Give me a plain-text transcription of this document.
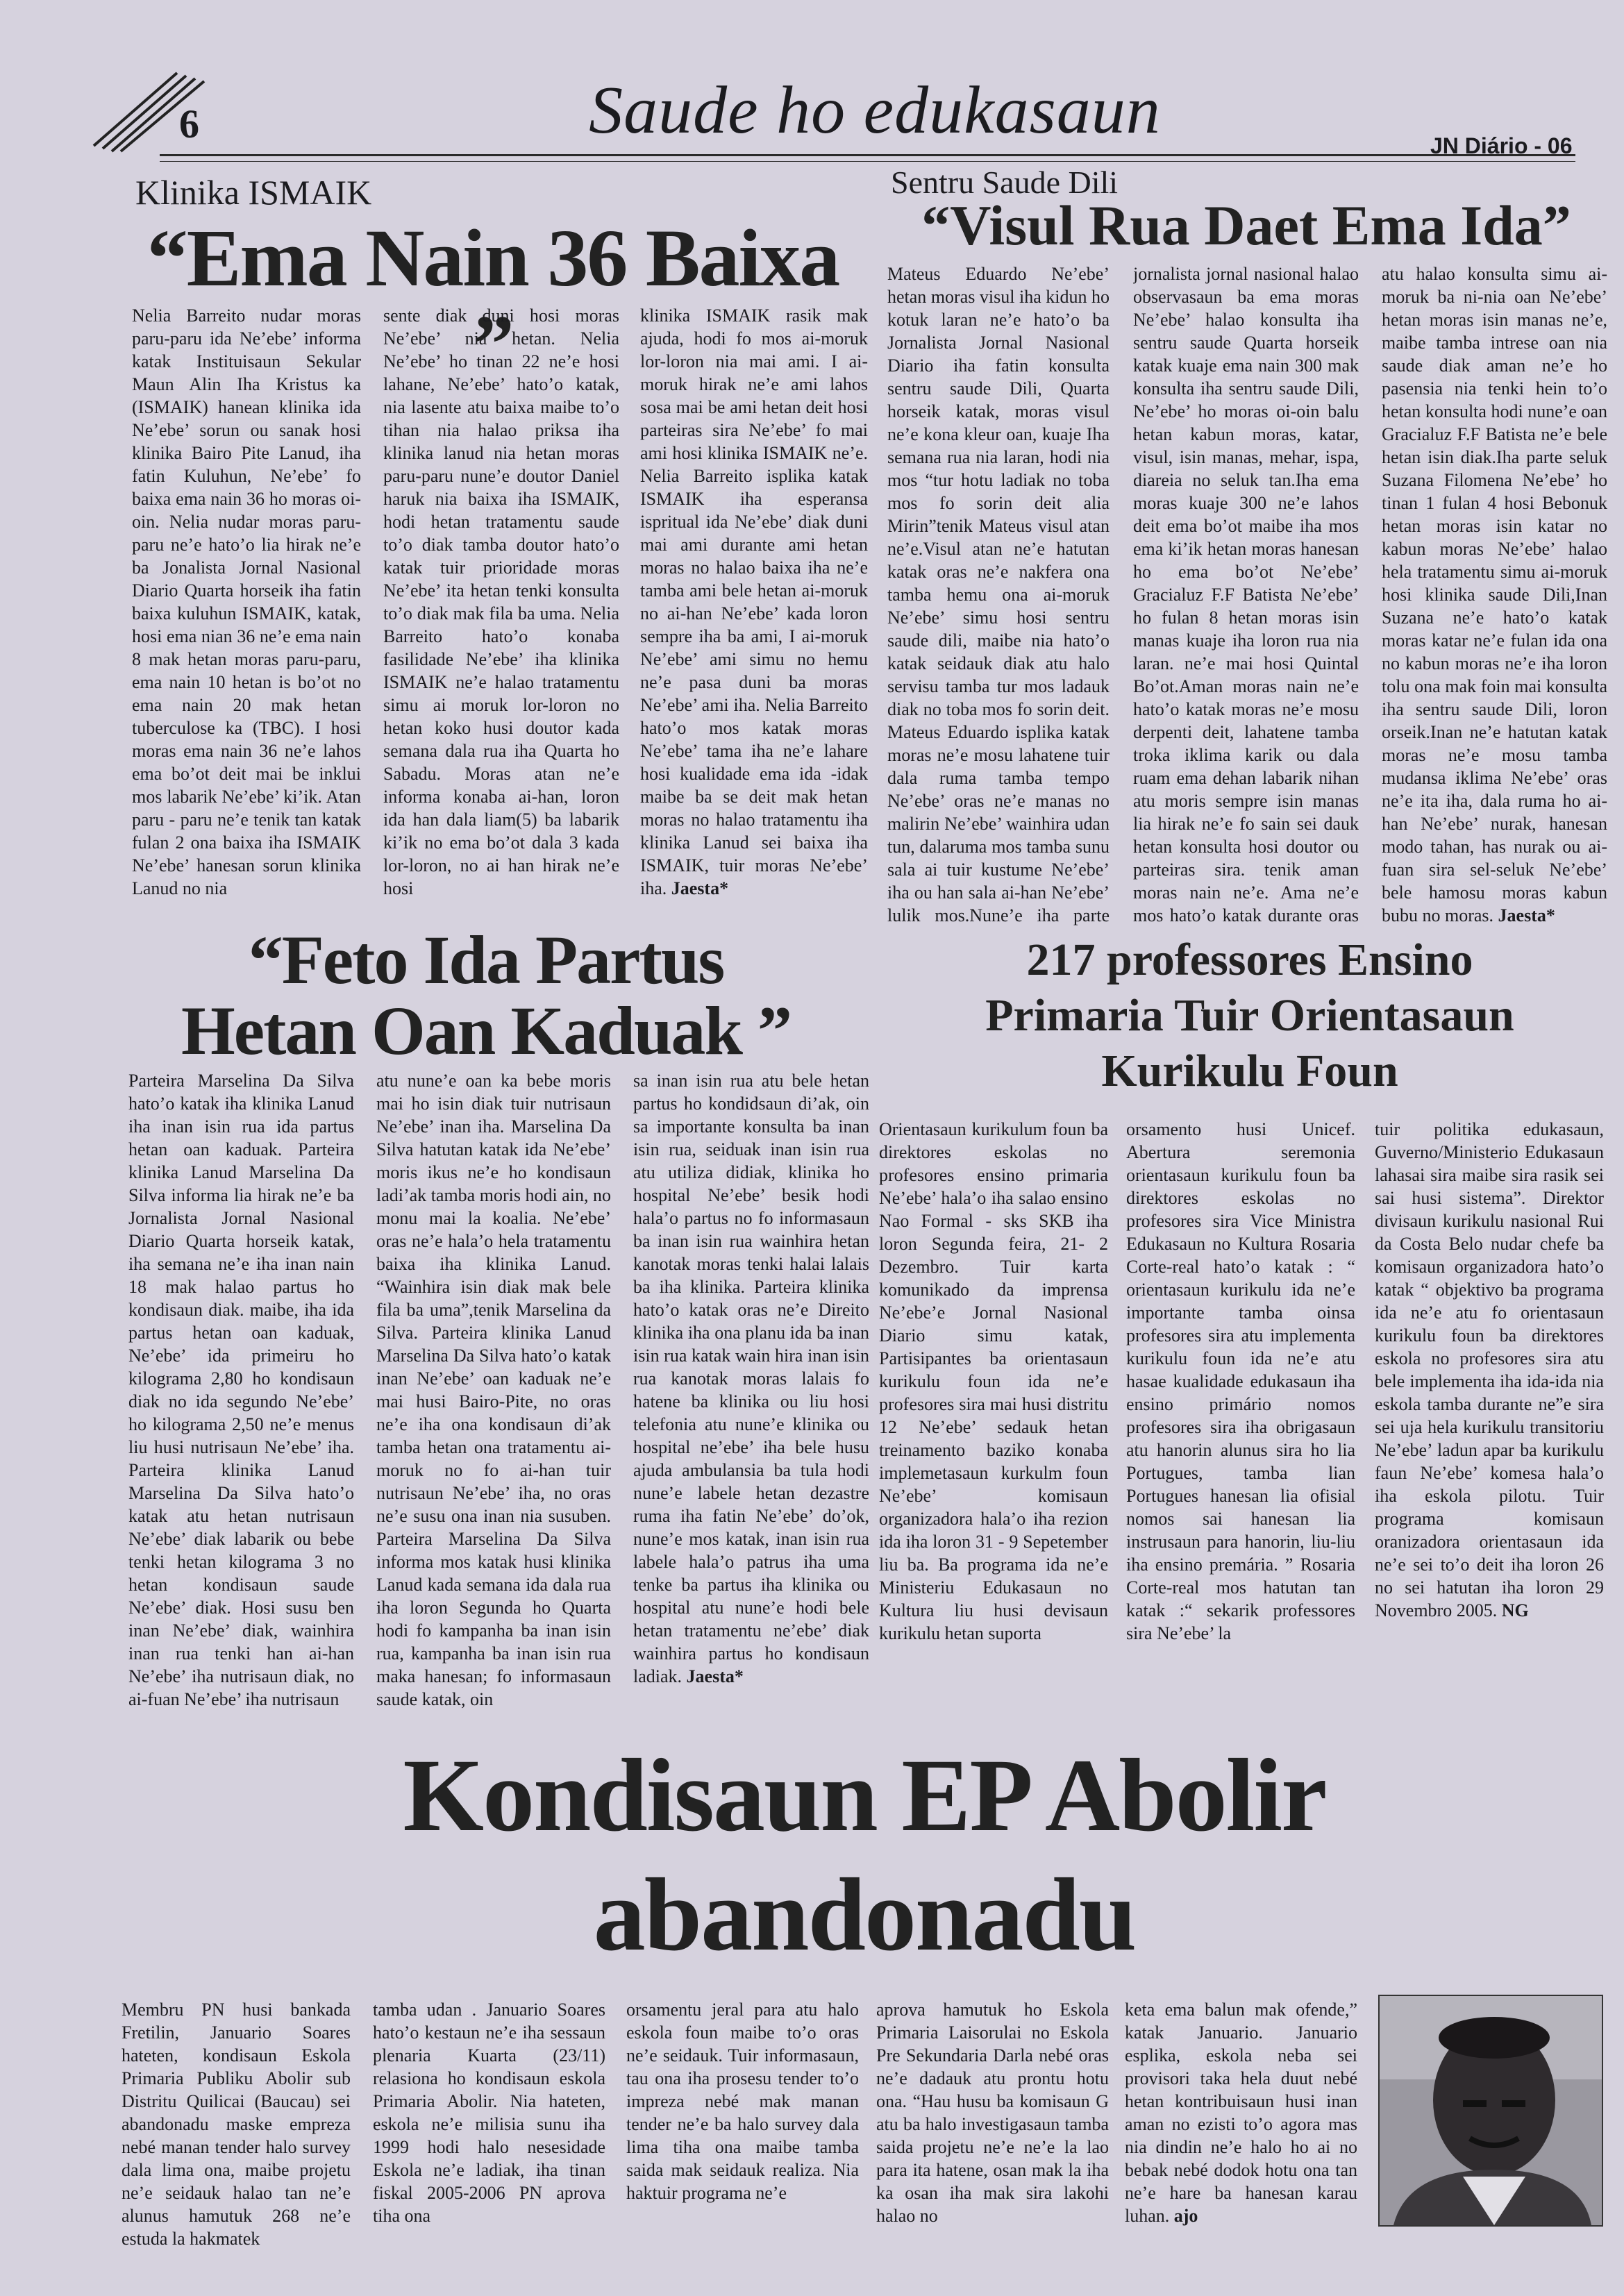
6	Saude ho edukasaun	JN Diário - 06
Klinika ISMAIK
“Ema Nain 36 Baixa ”

Nelia Barreito nudar moras paru-paru ida Ne’ebe’ informa katak Instituisaun Sekular Maun Alin Iha Kristus ka (ISMAIK) hanean klinika ida Ne’ebe’ sorun ou sanak hosi klinika Bairo Pite Lanud, iha fatin Kuluhun, Ne’ebe’ fo baixa ema nain 36 ho moras oi-oin. Nelia nudar moras paru- paru ne’e hato’o lia hirak ne’e ba Jonalista Jornal Nasional Diario Quarta horseik iha fatin baixa kuluhun ISMAIK, katak, hosi ema nian 36 ne’e ema nain 8 mak hetan moras paru-paru, ema nain 10 hetan is bo’ot no ema nain 20 mak hetan tuberculose ka (TBC). I hosi moras ema nain 36 ne’e lahos ema bo’ot deit mai be inklui mos labarik Ne’ebe’ ki’ik. Atan paru - paru ne’e tenik tan katak fulan 2 ona baixa iha ISMAIK Ne’ebe’ hanesan sorun klinika Lanud no nia

sente diak duni hosi moras Ne’ebe’ nia hetan. Nelia Ne’ebe’ ho tinan 22 ne’e hosi lahane, Ne’ebe’ hato’o katak, nia lasente atu baixa maibe to’o tihan nia halao priksa iha klinika lanud nia hetan moras paru-paru nune’e doutor Daniel haruk nia baixa iha ISMAIK, hodi hetan tratamentu saude to’o diak tamba doutor hato’o katak tuir prioridade moras Ne’ebe’ ita hetan tenki konsulta to’o diak mak fila ba uma. Nelia Barreito hato’o konaba fasilidade Ne’ebe’ iha klinika ISMAIK ne’e halao tratamentu simu ai moruk lor-loron no hetan koko husi doutor kada semana dala rua iha Quarta ho Sabadu. Moras atan ne’e informa konaba ai-han, loron ida han dala liam(5) ba labarik ki’ik no ema bo’ot dala 3 kada lor-loron, no ai han hirak ne’e hosi

klinika ISMAIK rasik mak ajuda, hodi fo mos ai-moruk lor-loron nia mai ami. I ai-moruk hirak ne’e ami lahos sosa mai be ami hetan deit hosi parteiras sira Ne’ebe’ fo mai ami hosi klinika ISMAIK ne’e. Nelia Barreito isplika katak ISMAIK iha esperansa ispritual ida Ne’ebe’ diak duni mai ami durante ami hetan moras no halao baixa iha ne’e tamba ami bele hetan ai-moruk no ai-han Ne’ebe’ kada loron sempre iha ba ami, I ai-moruk Ne’ebe’ ami simu no hemu ne’e pasa duni ba moras Ne’ebe’ ami iha. Nelia Barreito hato’o mos katak moras Ne’ebe’ tama iha ne’e lahare hosi kualidade ema ida -idak maibe ba se deit mak hetan moras no halao tratamentu iha klinika Lanud sei baixa iha ISMAIK, tuir moras Ne’ebe’ iha. Jaesta*

Sentru Saude Dili
“Visul Rua Daet Ema Ida”

Mateus Eduardo Ne’ebe’ hetan moras visul iha kidun ho kotuk laran ne’e hato’o ba Jornalista Jornal Nasional Diario iha fatin konsulta sentru saude Dili, Quarta horseik katak, moras visul ne’e kona kleur oan, kuaje Iha semana rua nia laran, hodi nia mos “tur hotu ladiak no toba mos fo sorin deit alia Mirin”tenik Mateus visul atan ne’e.Visul atan ne’e hatutan katak oras ne’e nakfera ona tamba hemu ona ai-moruk Ne’ebe’ simu hosi sentru saude dili, maibe nia hato’o katak seidauk diak atu halo servisu tamba tur mos ladauk diak no toba mos fo sorin deit. Mateus Eduardo isplika katak moras ne’e mosu lahatene tuir dala ruma tamba tempo Ne’ebe’ oras ne’e manas no malirin Ne’ebe’ wainhira udan tun, dalaruma mos tamba sunu sala ai tuir kustume Ne’ebe’ iha ou han sala ai-han Ne’ebe’ lulik mos.Nune’e iha parte

jornalista jornal nasional halao observasaun ba ema moras Ne’ebe’ halao konsulta iha sentru saude Quarta horseik katak kuaje ema nain 300 mak konsulta iha sentru saude Dili, Ne’ebe’ ho moras oi-oin balu hetan kabun moras, katar, visul, isin manas, mehar, ispa, diareia no seluk tan.Iha ema moras kuaje 300 ne’e lahos deit ema bo’ot maibe iha mos ema ki’ik hetan moras hanesan ho ema bo’ot Ne’ebe’ Gracialuz F.F Batista Ne’ebe’ ho fulan 8 hetan moras isin manas kuaje iha loron rua nia laran. ne’e mai hosi Quintal Bo’ot.Aman moras nain ne’e hato’o katak moras ne’e mosu derpenti deit, lahatene tamba troka iklima karik ou dala ruam ema dehan labarik nihan atu moris sempre isin manas lia hirak ne’e fo sain sei dauk hetan konsulta hosi doutor ou parteiras sira. tenik aman moras nain ne’e. Ama ne’e mos hato’o katak durante oras

atu halao konsulta simu ai-moruk ba ni-nia oan Ne’ebe’ hetan moras isin manas ne’e, maibe tamba intrese oan nia saude diak aman ne’e ho pasensia nia tenki hein to’o hetan konsulta hodi nune’e oan Gracialuz F.F Batista ne’e bele hetan isin diak.Iha parte seluk Suzana Filomena Ne’ebe’ ho tinan 1 fulan 4 hosi Bebonuk hetan moras isin katar no kabun moras Ne’ebe’ halao hela tratamentu simu ai-moruk hosi klinika saude Dili,Inan Suzana ne’e hato’o katak moras katar ne’e fulan ida ona no kabun moras ne’e iha loron tolu ona mak foin mai konsulta iha sentru saude Dili, loron orseik.Inan ne’e hatutan katak moras ne’e mosu tamba mudansa iklima Ne’ebe’ oras ne’e ita iha, dala ruma ho ai-han Ne’ebe’ nurak, hanesan modo tahan, has nurak ou ai-fuan sira sel-seluk Ne’ebe’ bele hamosu moras kabun bubu no moras. Jaesta*

“Feto Ida Partus
Hetan Oan Kaduak ”

Parteira Marselina Da Silva hato’o katak iha klinika Lanud iha inan isin rua ida partus hetan oan kaduak. Parteira klinika Lanud Marselina Da Silva informa lia hirak ne’e ba Jornalista Jornal Nasional Diario Quarta horseik katak, iha semana ne’e iha inan nain 18 mak halao partus ho kondisaun diak. maibe, iha ida partus hetan oan kaduak, Ne’ebe’ ida primeiru ho kilograma 2,80 ho kondisaun diak no ida segundo Ne’ebe’ ho kilograma 2,50 ne’e menus liu husi nutrisaun Ne’ebe’ iha. Parteira klinika Lanud Marselina Da Silva hato’o katak atu hetan nutrisaun Ne’ebe’ diak labarik ou bebe tenki hetan kilograma 3 no hetan kondisaun saude Ne’ebe’ diak. Hosi susu ben inan Ne’ebe’ diak, wainhira inan rua tenki han ai-han Ne’ebe’ iha nutrisaun diak, no ai-fuan Ne’ebe’ iha nutrisaun

atu nune’e oan ka bebe moris mai ho isin diak tuir nutrisaun Ne’ebe’ inan iha. Marselina Da Silva hatutan katak ida Ne’ebe’ moris ikus ne’e ho kondisaun ladi’ak tamba moris hodi ain, no monu mai la koalia. Ne’ebe’ oras ne’e hala’o hela tratamentu baixa iha klinika Lanud. “Wainhira isin diak mak bele fila ba uma”,tenik Marselina da Silva. Parteira klinika Lanud Marselina Da Silva hato’o katak inan Ne’ebe’ oan kaduak ne’e mai husi Bairo-Pite, no oras ne’e iha ona kondisaun di’ak tamba hetan ona tratamentu ai-moruk no fo ai-han tuir nutrisaun Ne’ebe’ iha, no oras ne’e susu ona inan nia susuben. Parteira Marselina Da Silva informa mos katak husi klinika Lanud kada semana ida dala rua iha loron Segunda ho Quarta hodi fo kampanha ba inan isin rua, kampanha ba inan isin rua maka hanesan; fo informasaun saude katak, oin

sa inan isin rua atu bele hetan partus ho kondidsaun di’ak, oin sa importante konsulta ba inan isin rua, seiduak inan isin rua atu utiliza didiak, klinika ho hospital Ne’ebe’ besik hodi hala’o partus no fo informasaun ba inan isin rua wainhira hetan kanotak moras tenki halai lalais ba iha klinika. Parteira klinika hato’o katak oras ne’e Direito klinika iha ona planu ida ba inan isin rua katak wain hira inan isin rua kanotak moras lalais fo hatene ba klinika ou liu hosi telefonia atu nune’e klinika ou hospital ne’ebe’ iha bele husu ajuda ambulansia ba tula hodi nune’e labele hetan dezastre ruma iha fatin Ne’ebe’ do’ok, nune’e mos katak, inan isin rua labele hala’o patrus iha uma tenke ba partus iha klinika ou hospital atu nune’e hodi bele hetan tratamentu ne’ebe’ diak wainhira partus ho kondisaun ladiak. Jaesta*

217 professores Ensino
Primaria Tuir Orientasaun
Kurikulu Foun

Orientasaun kurikulum foun ba direktores eskolas no profesores ensino primaria Ne’ebe’ hala’o iha salao ensino Nao Formal - sks SKB iha loron Segunda feira, 21- 2 Dezembro. Tuir karta komunikado da imprensa Ne’ebe’e Jornal Nasional Diario simu katak, Partisipantes ba orientasaun kurikulu foun ida ne’e profesores sira mai husi distritu 12 Ne’ebe’ sedauk hetan treinamento baziko konaba implemetasaun kurkulm foun Ne’ebe’ komisaun organizadora hala’o iha rezion ida iha loron 31 - 9 Sepetember liu ba. Ba programa ida ne’e Ministeriu Edukasaun no Kultura liu husi devisaun kurikulu hetan suporta

orsamento husi Unicef. Abertura seremonia orientasaun kurikulu foun ba direktores eskolas no profesores sira Vice Ministra Edukasaun no Kultura Rosaria Corte-real hato’o katak : “ orientasaun kurikulu ida ne’e importante tamba oinsa profesores sira atu implementa kurikulu foun ida ne’e atu hasae kualidade edukasaun iha ensino primário nomos profesores sira iha obrigasaun atu hanorin alunus sira ho lia Portugues, tamba lian Portugues hanesan lia ofisial nomos sai hanesan lia instrusaun para hanorin, liu-liu iha ensino premária. ” Rosaria Corte-real mos hatutan tan katak :“ sekarik professores sira Ne’ebe’ la

tuir politika edukasaun, Guverno/Ministerio Edukasaun lahasai sira maibe sira rasik sei sai husi sistema”. Direktor divisaun kurikulu nasional Rui da Costa Belo nudar chefe ba komisaun organizadora hato’o katak “ objektivo ba programa ida ne’e atu fo orientasaun kurikulu foun ba direktores eskola no profesores sira atu bele implementa iha ida-ida nia eskola tamba durante ne”e sira sei uja hela kurikulu transitoriu Ne’ebe’ ladun apar ba kurikulu faun Ne’ebe’ komesa hala’o iha eskola pilotu. Tuir programa komisaun oranizadora orientasaun ida ne’e sei to’o deit iha loron 26 no sei hatutan iha loron 29 Novembro 2005. NG

Kondisaun EP Abolir
abandonadu

Membru PN husi bankada Fretilin, Januario Soares hateten, kondisaun Eskola Primaria Publiku Abolir sub Distritu Quilicai (Baucau) sei abandonadu maske empreza nebé manan tender halo survey dala lima ona, maibe projetu ne’e seidauk halao tan ne’e alunus hamutuk 268 ne’e estuda la hakmatek

tamba udan . Januario Soares hato’o kestaun ne’e iha sessaun plenaria Kuarta (23/11) relasiona ho kondisaun eskola Primaria Abolir. Nia hateten, eskola ne’e milisia sunu iha 1999 hodi halo nesesidade Eskola ne’e ladiak, iha tinan fiskal 2005-2006 PN aprova tiha ona

orsamentu jeral para atu halo eskola foun maibe to’o oras ne’e seidauk. Tuir informasaun, tau ona iha prosesu tender to’o impreza nebé mak manan tender ne’e ba halo survey dala lima tiha ona maibe tamba saida mak seidauk realiza. Nia haktuir programa ne’e

aprova hamutuk ho Eskola Primaria Laisorulai no Eskola Pre Sekundaria Darla nebé oras ne’e dadauk atu prontu hotu ona. “Hau husu ba komisaun G atu ba halo investigasaun tamba saida projetu ne’e ne’e la lao para ita hatene, osan mak la iha ka osan iha mak sira lakohi halao no

keta ema balun mak ofende,” katak Januario. Januario esplika, eskola neba sei provisori taka hela duut nebé hetan kontribuisaun husi inan aman no ezisti to’o agora mas nia dindin ne’e halo ho ai no bebak nebé dodok hotu ona tan ne’e hare ba hanesan karau luhan. ajo
